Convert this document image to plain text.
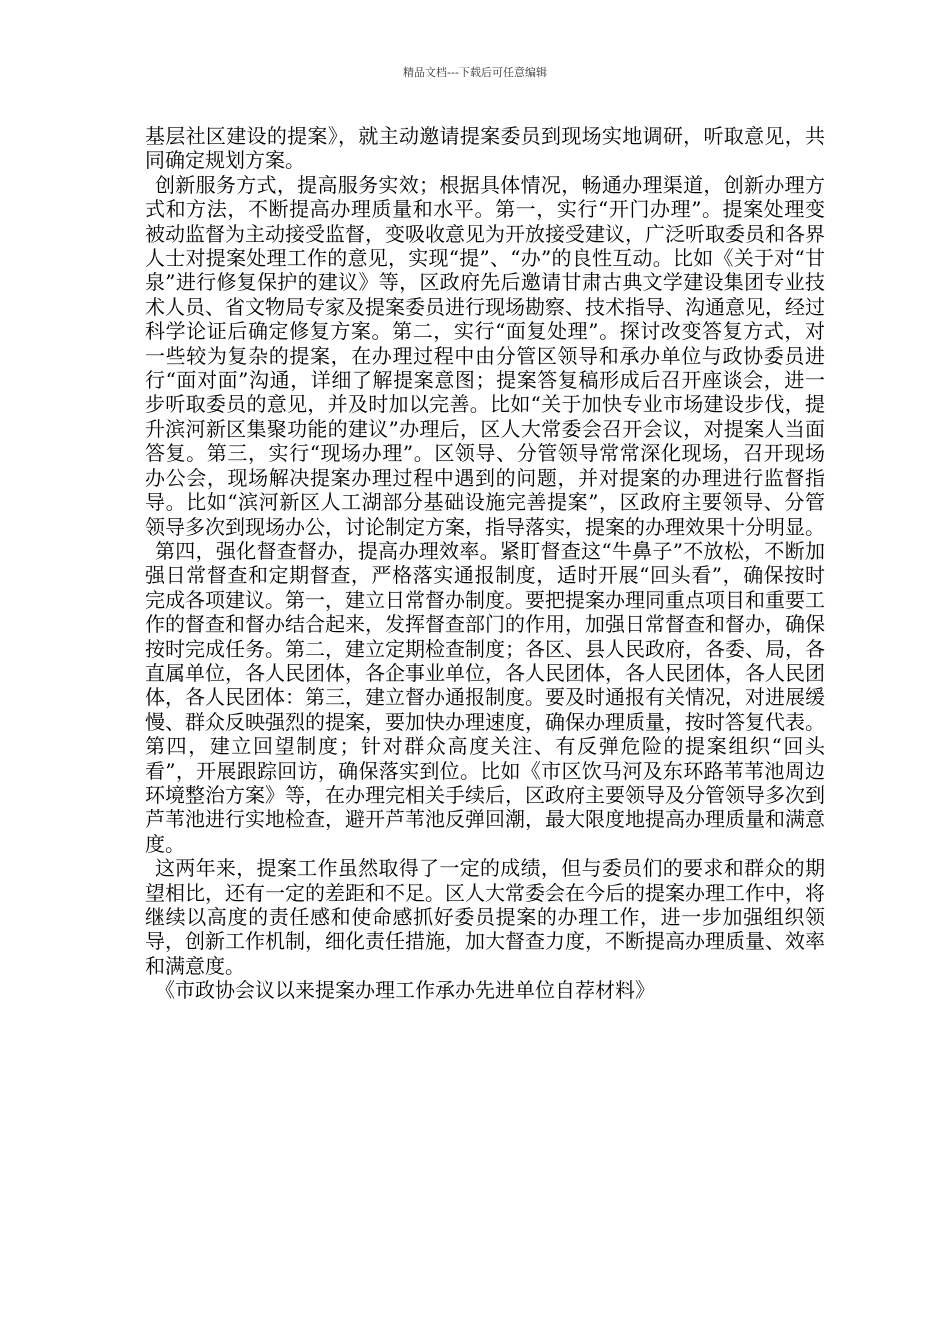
精品文档---下载后可任意编辑

基层社区建设的提案》，就主动邀请提案委员到现场实地调研，听取意见，共同确定规划方案。

创新服务方式，提高服务实效；根据具体情况，畅通办理渠道，创新办理方式和方法，不断提高办理质量和水平。第一，实行“开门办理”。提案处理变被动监督为主动接受监督，变吸收意见为开放接受建议，广泛听取委员和各界人士对提案处理工作的意见，实现“提”、“办”的良性互动。比如《关于对“甘泉”进行修复保护的建议》等，区政府先后邀请甘肃古典文学建设集团专业技术人员、省文物局专家及提案委员进行现场勘察、技术指导、沟通意见，经过科学论证后确定修复方案。第二，实行“面复处理”。探讨改变答复方式，对一些较为复杂的提案，在办理过程中由分管区领导和承办单位与政协委员进行“面对面”沟通，详细了解提案意图；提案答复稿形成后召开座谈会，进一步听取委员的意见，并及时加以完善。比如“关于加快专业市场建设步伐，提升滨河新区集聚功能的建议”办理后，区人大常委会召开会议，对提案人当面答复。第三，实行“现场办理”。区领导、分管领导常常深化现场，召开现场办公会，现场解决提案办理过程中遇到的问题，并对提案的办理进行监督指导。比如“滨河新区人工湖部分基础设施完善提案”，区政府主要领导、分管领导多次到现场办公，讨论制定方案，指导落实，提案的办理效果十分明显。

第四，强化督查督办，提高办理效率。紧盯督查这“牛鼻子”不放松，不断加强日常督查和定期督查，严格落实通报制度，适时开展“回头看”，确保按时完成各项建议。第一，建立日常督办制度。要把提案办理同重点项目和重要工作的督查和督办结合起来，发挥督查部门的作用，加强日常督查和督办，确保按时完成任务。第二，建立定期检查制度；各区、县人民政府，各委、局，各直属单位，各人民团体，各企事业单位，各人民团体，各人民团体，各人民团体，各人民团体：第三，建立督办通报制度。要及时通报有关情况，对进展缓慢、群众反映强烈的提案，要加快办理速度，确保办理质量，按时答复代表。第四，建立回望制度；针对群众高度关注、有反弹危险的提案组织“回头看”，开展跟踪回访，确保落实到位。比如《市区饮马河及东环路苇苇池周边环境整治方案》等，在办理完相关手续后，区政府主要领导及分管领导多次到芦苇池进行实地检查，避开芦苇池反弹回潮，最大限度地提高办理质量和满意度。

这两年来，提案工作虽然取得了一定的成绩，但与委员们的要求和群众的期望相比，还有一定的差距和不足。区人大常委会在今后的提案办理工作中，将继续以高度的责任感和使命感抓好委员提案的办理工作，进一步加强组织领导，创新工作机制，细化责任措施，加大督查力度，不断提高办理质量、效率和满意度。

《市政协会议以来提案办理工作承办先进单位自荐材料》
